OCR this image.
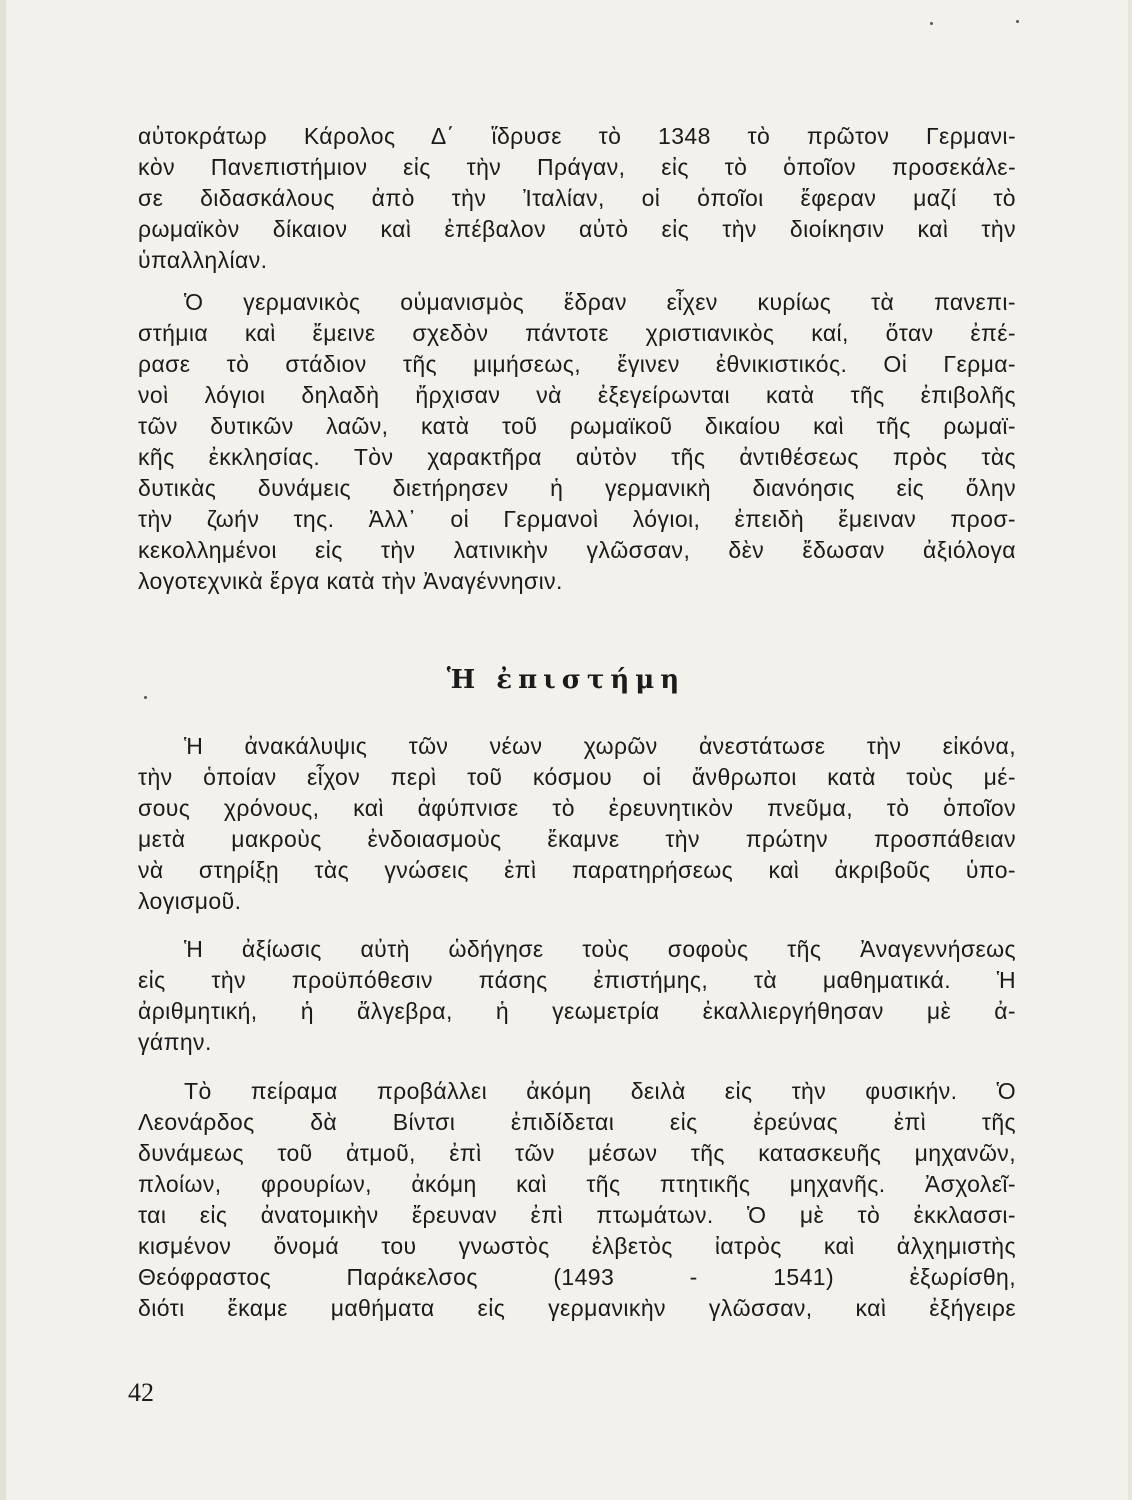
αὐτοκράτωρ Κάρολος Δ΄ ἵδρυσε τὸ 1348 τὸ πρῶτον Γερμανι-
κὸν Πανεπιστήμιον εἰς τὴν Πράγαν, εἰς τὸ ὁποῖον προσεκάλε-
σε διδασκάλους ἀπὸ τὴν Ἰταλίαν, οἱ ὁποῖοι ἔφεραν μαζί τὸ
ρωμαϊκὸν δίκαιον καὶ ἐπέβαλον αὐτὸ εἰς τὴν διοίκησιν καὶ τὴν
ὑπαλληλίαν.
Ὁ γερμανικὸς οὑμανισμὸς ἕδραν εἶχεν κυρίως τὰ πανεπι-
στήμια καὶ ἔμεινε σχεδὸν πάντοτε χριστιανικὸς καί, ὅταν ἐπέ-
ρασε τὸ στάδιον τῆς μιμήσεως, ἔγινεν ἐθνικιστικός. Οἱ Γερμα-
νοὶ λόγιοι δηλαδὴ ἤρχισαν νὰ ἐξεγείρωνται κατὰ τῆς ἐπιβολῆς
τῶν δυτικῶν λαῶν, κατὰ τοῦ ρωμαϊκοῦ δικαίου καὶ τῆς ρωμαϊ-
κῆς ἐκκλησίας. Τὸν χαρακτῆρα αὐτὸν τῆς ἀντιθέσεως πρὸς τὰς
δυτικὰς δυνάμεις διετήρησεν ἡ γερμανικὴ διανόησις εἰς ὅλην
τὴν ζωήν της. Ἀλλ᾽ οἱ Γερμανοὶ λόγιοι, ἐπειδὴ ἔμειναν προσ-
κεκολλημένοι εἰς τὴν λατινικὴν γλῶσσαν, δὲν ἔδωσαν ἀξιόλογα
λογοτεχνικὰ ἔργα κατὰ τὴν Ἀναγέννησιν.
Ἡ ἐπιστήμη
Ἡ ἀνακάλυψις τῶν νέων χωρῶν ἀνεστάτωσε τὴν εἰκόνα,
τὴν ὁποίαν εἶχον περὶ τοῦ κόσμου οἱ ἄνθρωποι κατὰ τοὺς μέ-
σους χρόνους, καὶ ἀφύπνισε τὸ ἐρευνητικὸν πνεῦμα, τὸ ὁποῖον
μετὰ μακροὺς ἐνδοιασμοὺς ἔκαμνε τὴν πρώτην προσπάθειαν
νὰ στηρίξῃ τὰς γνώσεις ἐπὶ παρατηρήσεως καὶ ἀκριβοῦς ὑπο-
λογισμοῦ.
Ἡ ἀξίωσις αὐτὴ ὡδήγησε τοὺς σοφοὺς τῆς Ἀναγεννήσεως
εἰς τὴν προϋπόθεσιν πάσης ἐπιστήμης, τὰ μαθηματικά. Ἡ
ἀριθμητική, ἡ ἄλγεβρα, ἡ γεωμετρία ἐκαλλιεργήθησαν μὲ ἀ-
γάπην.
Τὸ πείραμα προβάλλει ἀκόμη δειλὰ εἰς τὴν φυσικήν. Ὁ
Λεονάρδος δὰ Βίντσι ἐπιδίδεται εἰς ἐρεύνας ἐπὶ τῆς
δυνάμεως τοῦ ἀτμοῦ, ἐπὶ τῶν μέσων τῆς κατασκευῆς μηχανῶν,
πλοίων, φρουρίων, ἀκόμη καὶ τῆς πτητικῆς μηχανῆς. Ἀσχολεῖ-
ται εἰς ἀνατομικὴν ἔρευναν ἐπὶ πτωμάτων. Ὁ μὲ τὸ ἐκκλασσι-
κισμένον ὄνομά του γνωστὸς ἐλβετὸς ἰατρὸς καὶ ἀλχημιστὴς
Θεόφραστος Παράκελσος (1493 - 1541) ἐξωρίσθη,
διότι ἔκαμε μαθήματα εἰς γερμανικὴν γλῶσσαν, καὶ ἐξήγειρε
42
